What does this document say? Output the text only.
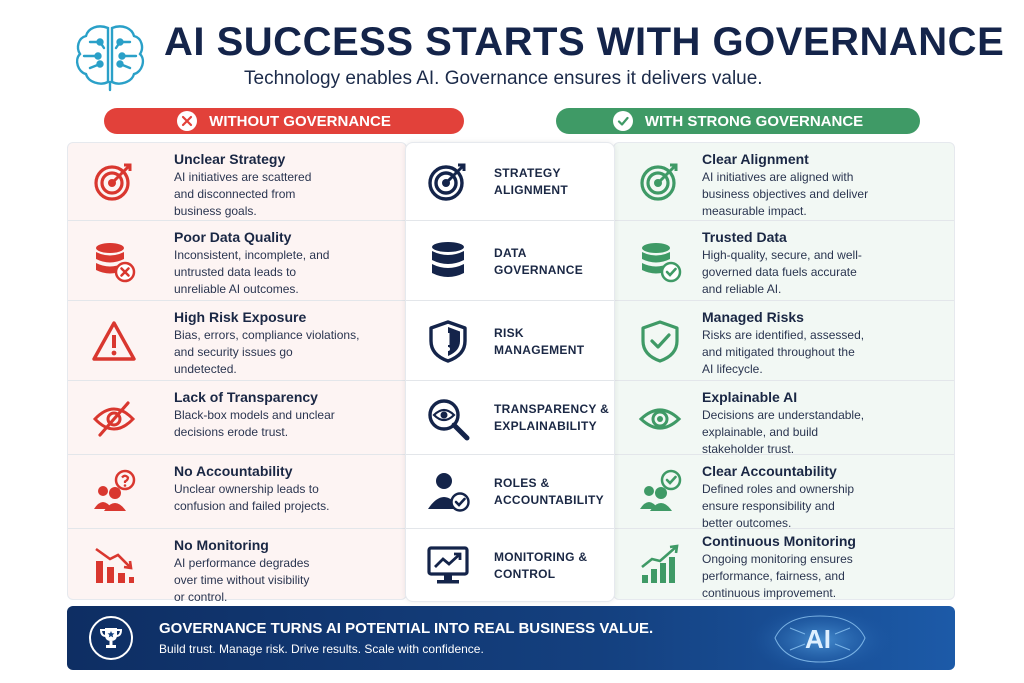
AI SUCCESS STARTS WITH GOVERNANCE
Technology enables AI. Governance ensures it delivers value.
WITHOUT GOVERNANCE	WITH STRONG GOVERNANCE
Unclear Strategy
AI initiatives are scattered
and disconnected from
business goals.
Poor Data Quality
Inconsistent, incomplete, and
untrusted data leads to
unreliable AI outcomes.
High Risk Exposure
Bias, errors, compliance violations,
and security issues go
undetected.
Lack of Transparency
Black-box models and unclear
decisions erode trust.
No Accountability
Unclear ownership leads to
confusion and failed projects.
No Monitoring
AI performance degrades
over time without visibility
or control.
STRATEGY
ALIGNMENT
DATA
GOVERNANCE
RISK
MANAGEMENT
TRANSPARENCY &
EXPLAINABILITY
ROLES &
ACCOUNTABILITY
MONITORING &
CONTROL
Clear Alignment
AI initiatives are aligned with
business objectives and deliver
measurable impact.
Trusted Data
High-quality, secure, and well-
governed data fuels accurate
and reliable AI.
Managed Risks
Risks are identified, assessed,
and mitigated throughout the
AI lifecycle.
Explainable AI
Decisions are understandable,
explainable, and build
stakeholder trust.
Clear Accountability
Defined roles and ownership
ensure responsibility and
better outcomes.
Continuous Monitoring
Ongoing monitoring ensures
performance, fairness, and
continuous improvement.
GOVERNANCE TURNS AI POTENTIAL INTO REAL BUSINESS VALUE.
Build trust. Manage risk. Drive results. Scale with confidence.	AI
